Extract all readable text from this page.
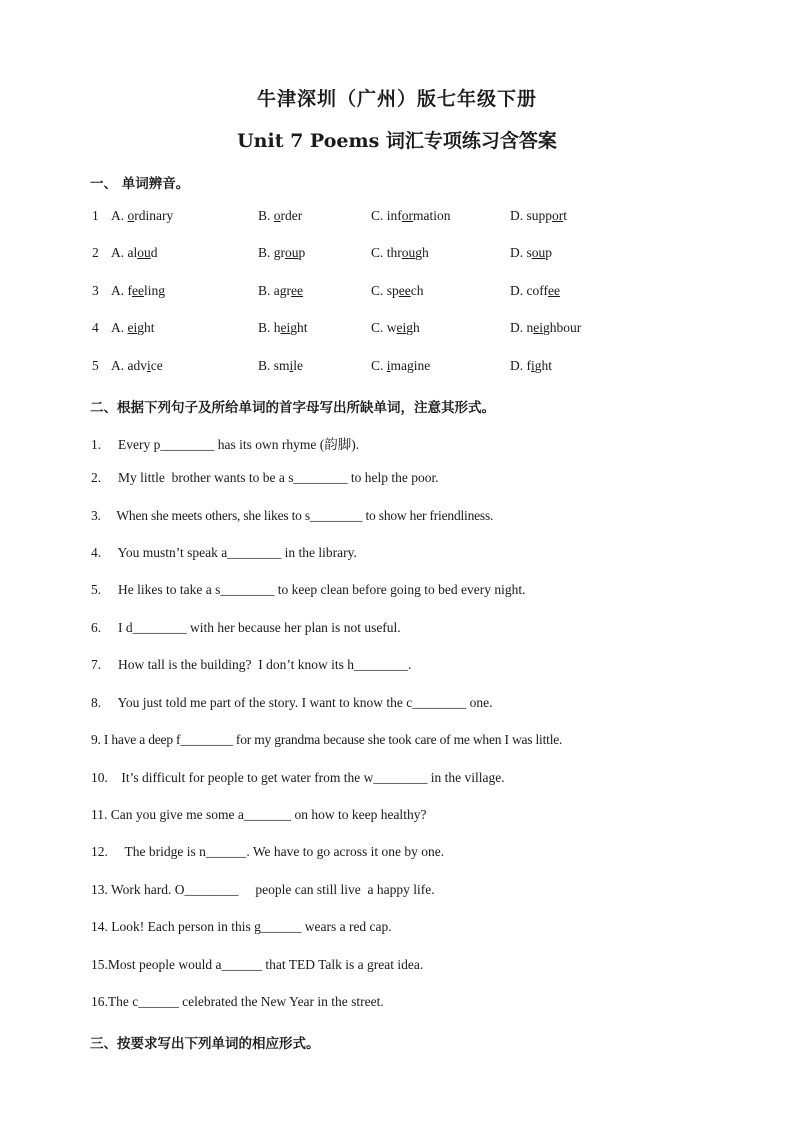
牛津深圳（广州）版七年级下册
Unit 7 Poems 词汇专项练习含答案
一、 单词辨音。
1 A. ordinary	B. order	C. information	D. support
2 A. aloud	B. group	C. through	D. soup
3 A. feeling	B. agree	C. speech	D. coffee
4 A. eight	B. height	C. weigh	D. neighbour
5 A. advice	B. smile	C. imagine	D. fight
二、根据下列句子及所给单词的首字母写出所缺单词，注意其形式。
1.     Every p________ has its own rhyme (韵脚).
2.     My little  brother wants to be a s________ to help the poor.
3.     When she meets others, she likes to s________ to show her friendliness.
4.     You mustn’t speak a________ in the library.
5.     He likes to take a s________ to keep clean before going to bed every night.
6.     I d________ with her because her plan is not useful.
7.     How tall is the building?  I don’t know its h________.
8.     You just told me part of the story. I want to know the c________ one.
9. I have a deep f________ for my grandma because she took care of me when I was little.
10.    It’s difficult for people to get water from the w________ in the village.
11. Can you give me some a_______ on how to keep healthy?
12.     The bridge is n______. We have to go across it one by one.
13. Work hard. O________     people can still live  a happy life.
14. Look! Each person in this g______ wears a red cap.
15.Most people would a______ that TED Talk is a great idea.
16.The c______ celebrated the New Year in the street.
三、按要求写出下列单词的相应形式。
